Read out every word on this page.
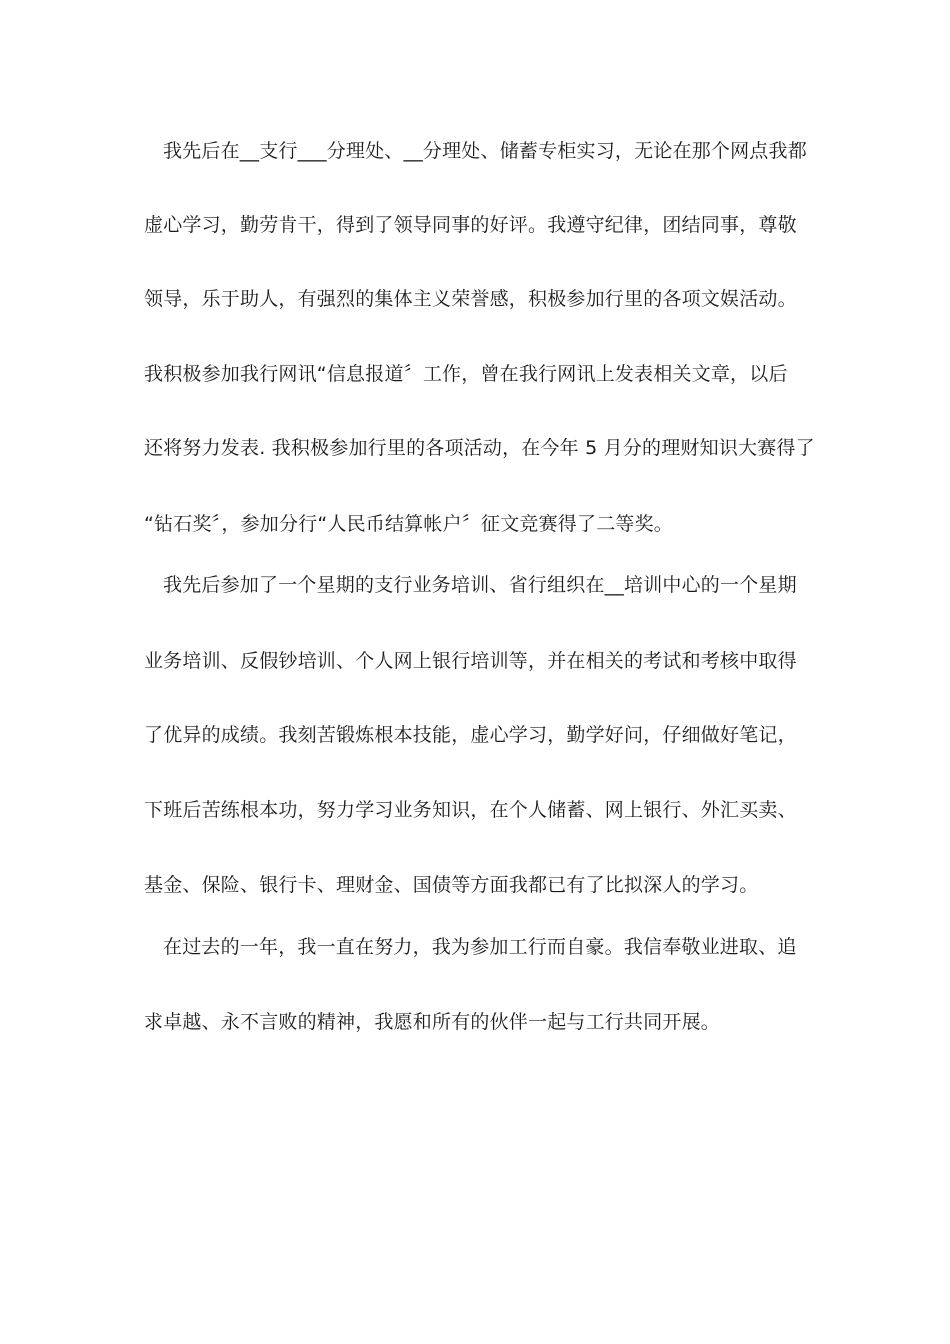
我先后在__支行___分理处、__分理处、储蓄专柜实习，无论在那个网点我都
虚心学习，勤劳肯干，得到了领导同事的好评。我遵守纪律，团结同事，尊敬
领导，乐于助人，有强烈的集体主义荣誉感，积极参加行里的各项文娱活动。
我积极参加我行网讯“信息报道〞工作，曾在我行网讯上发表相关文章，以后
还将努力发表. 我积极参加行里的各项活动，在今年 5 月分的理财知识大赛得了
“钻石奖〞，参加分行“人民币结算帐户〞征文竞赛得了二等奖。
我先后参加了一个星期的支行业务培训、省行组织在__培训中心的一个星期
业务培训、反假钞培训、个人网上银行培训等，并在相关的考试和考核中取得
了优异的成绩。我刻苦锻炼根本技能，虚心学习，勤学好问，仔细做好笔记，
下班后苦练根本功，努力学习业务知识，在个人储蓄、网上银行、外汇买卖、
基金、保险、银行卡、理财金、国债等方面我都已有了比拟深人的学习。
在过去的一年，我一直在努力，我为参加工行而自豪。我信奉敬业进取、追
求卓越、永不言败的精神，我愿和所有的伙伴一起与工行共同开展。
